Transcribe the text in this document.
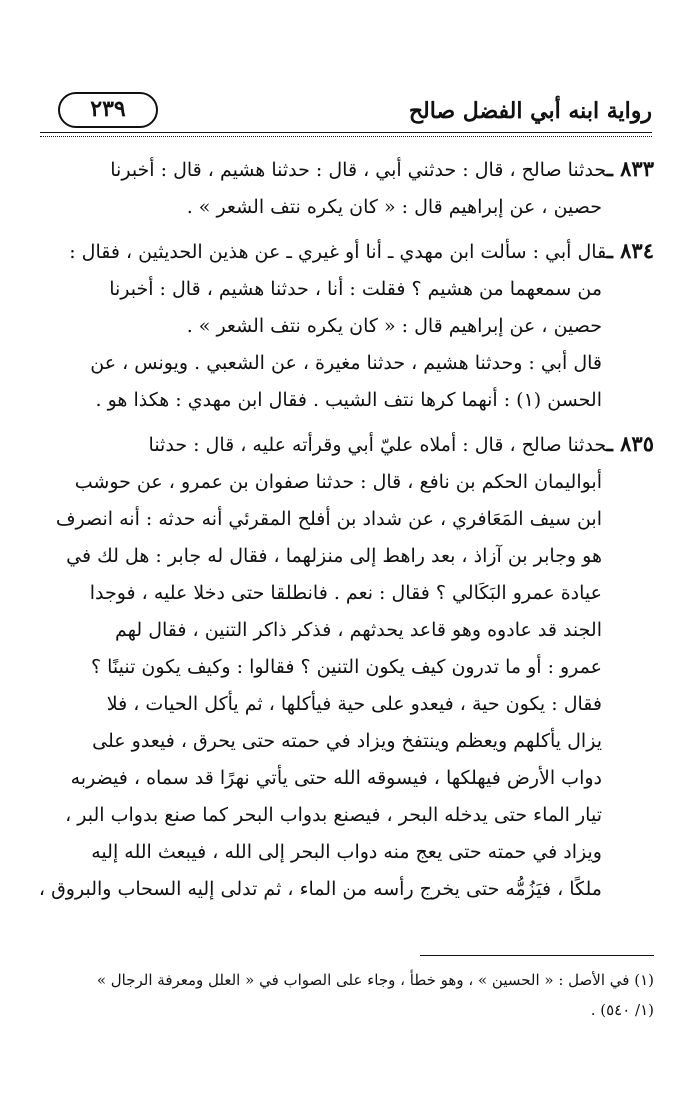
رواية ابنه أبي الفضل صالح
٢٣٩
٨٣٣ ـحدثنا صالح ، قال : حدثني أبي ، قال : حدثنا هشيم ، قال : أخبرنا
حصين ، عن إبراهيم قال : « كان يكره نتف الشعر » .
٨٣٤ ـقال أبي : سألت ابن مهدي ـ أنا أو غيري ـ عن هذين الحديثين ، فقال :
من سمعهما من هشيم ؟ فقلت : أنا ، حدثنا هشيم ، قال : أخبرنا
حصين ، عن إبراهيم قال : « كان يكره نتف الشعر » .
قال أبي : وحدثنا هشيم ، حدثنا مغيرة ، عن الشعبي . ويونس ، عن
الحسن (١) : أنهما كرها نتف الشيب . فقال ابن مهدي : هكذا هو .
٨٣٥ ـحدثنا صالح ، قال : أملاه عليّ أبي وقرأته عليه ، قال : حدثنا
أبواليمان الحكم بن نافع ، قال : حدثنا صفوان بن عمرو ، عن حوشب
ابن سيف المَعَافري ، عن شداد بن أفلح المقرئي أنه حدثه : أنه انصرف
هو وجابر بن آزاذ ، بعد راهط إلى منزلهما ، فقال له جابر : هل لك في
عيادة عمرو البَكَالي ؟ فقال : نعم . فانطلقا حتى دخلا عليه ، فوجدا
الجند قد عادوه وهو قاعد يحدثهم ، فذكر ذاكر التنين ، فقال لهم
عمرو : أو ما تدرون كيف يكون التنين ؟ فقالوا : وكيف يكون تنينًا ؟
فقال : يكون حية ، فيعدو على حية فيأكلها ، ثم يأكل الحيات ، فلا
يزال يأكلهم ويعظم وينتفخ ويزاد في حمته حتى يحرق ، فيعدو على
دواب الأرض فيهلكها ، فيسوقه الله حتى يأتي نهرًا قد سماه ، فيضربه
تيار الماء حتى يدخله البحر ، فيصنع بدواب البحر كما صنع بدواب البر ،
ويزاد في حمته حتى يعج منه دواب البحر إلى الله ، فيبعث الله إليه
ملكًا ، فيَزُمُّه حتى يخرج رأسه من الماء ، ثم تدلى إليه السحاب والبروق ،
(١) في الأصل : « الحسين » ، وهو خطأ ، وجاء على الصواب في « العلل ومعرفة الرجال »
(١/ ٥٤٠) .
